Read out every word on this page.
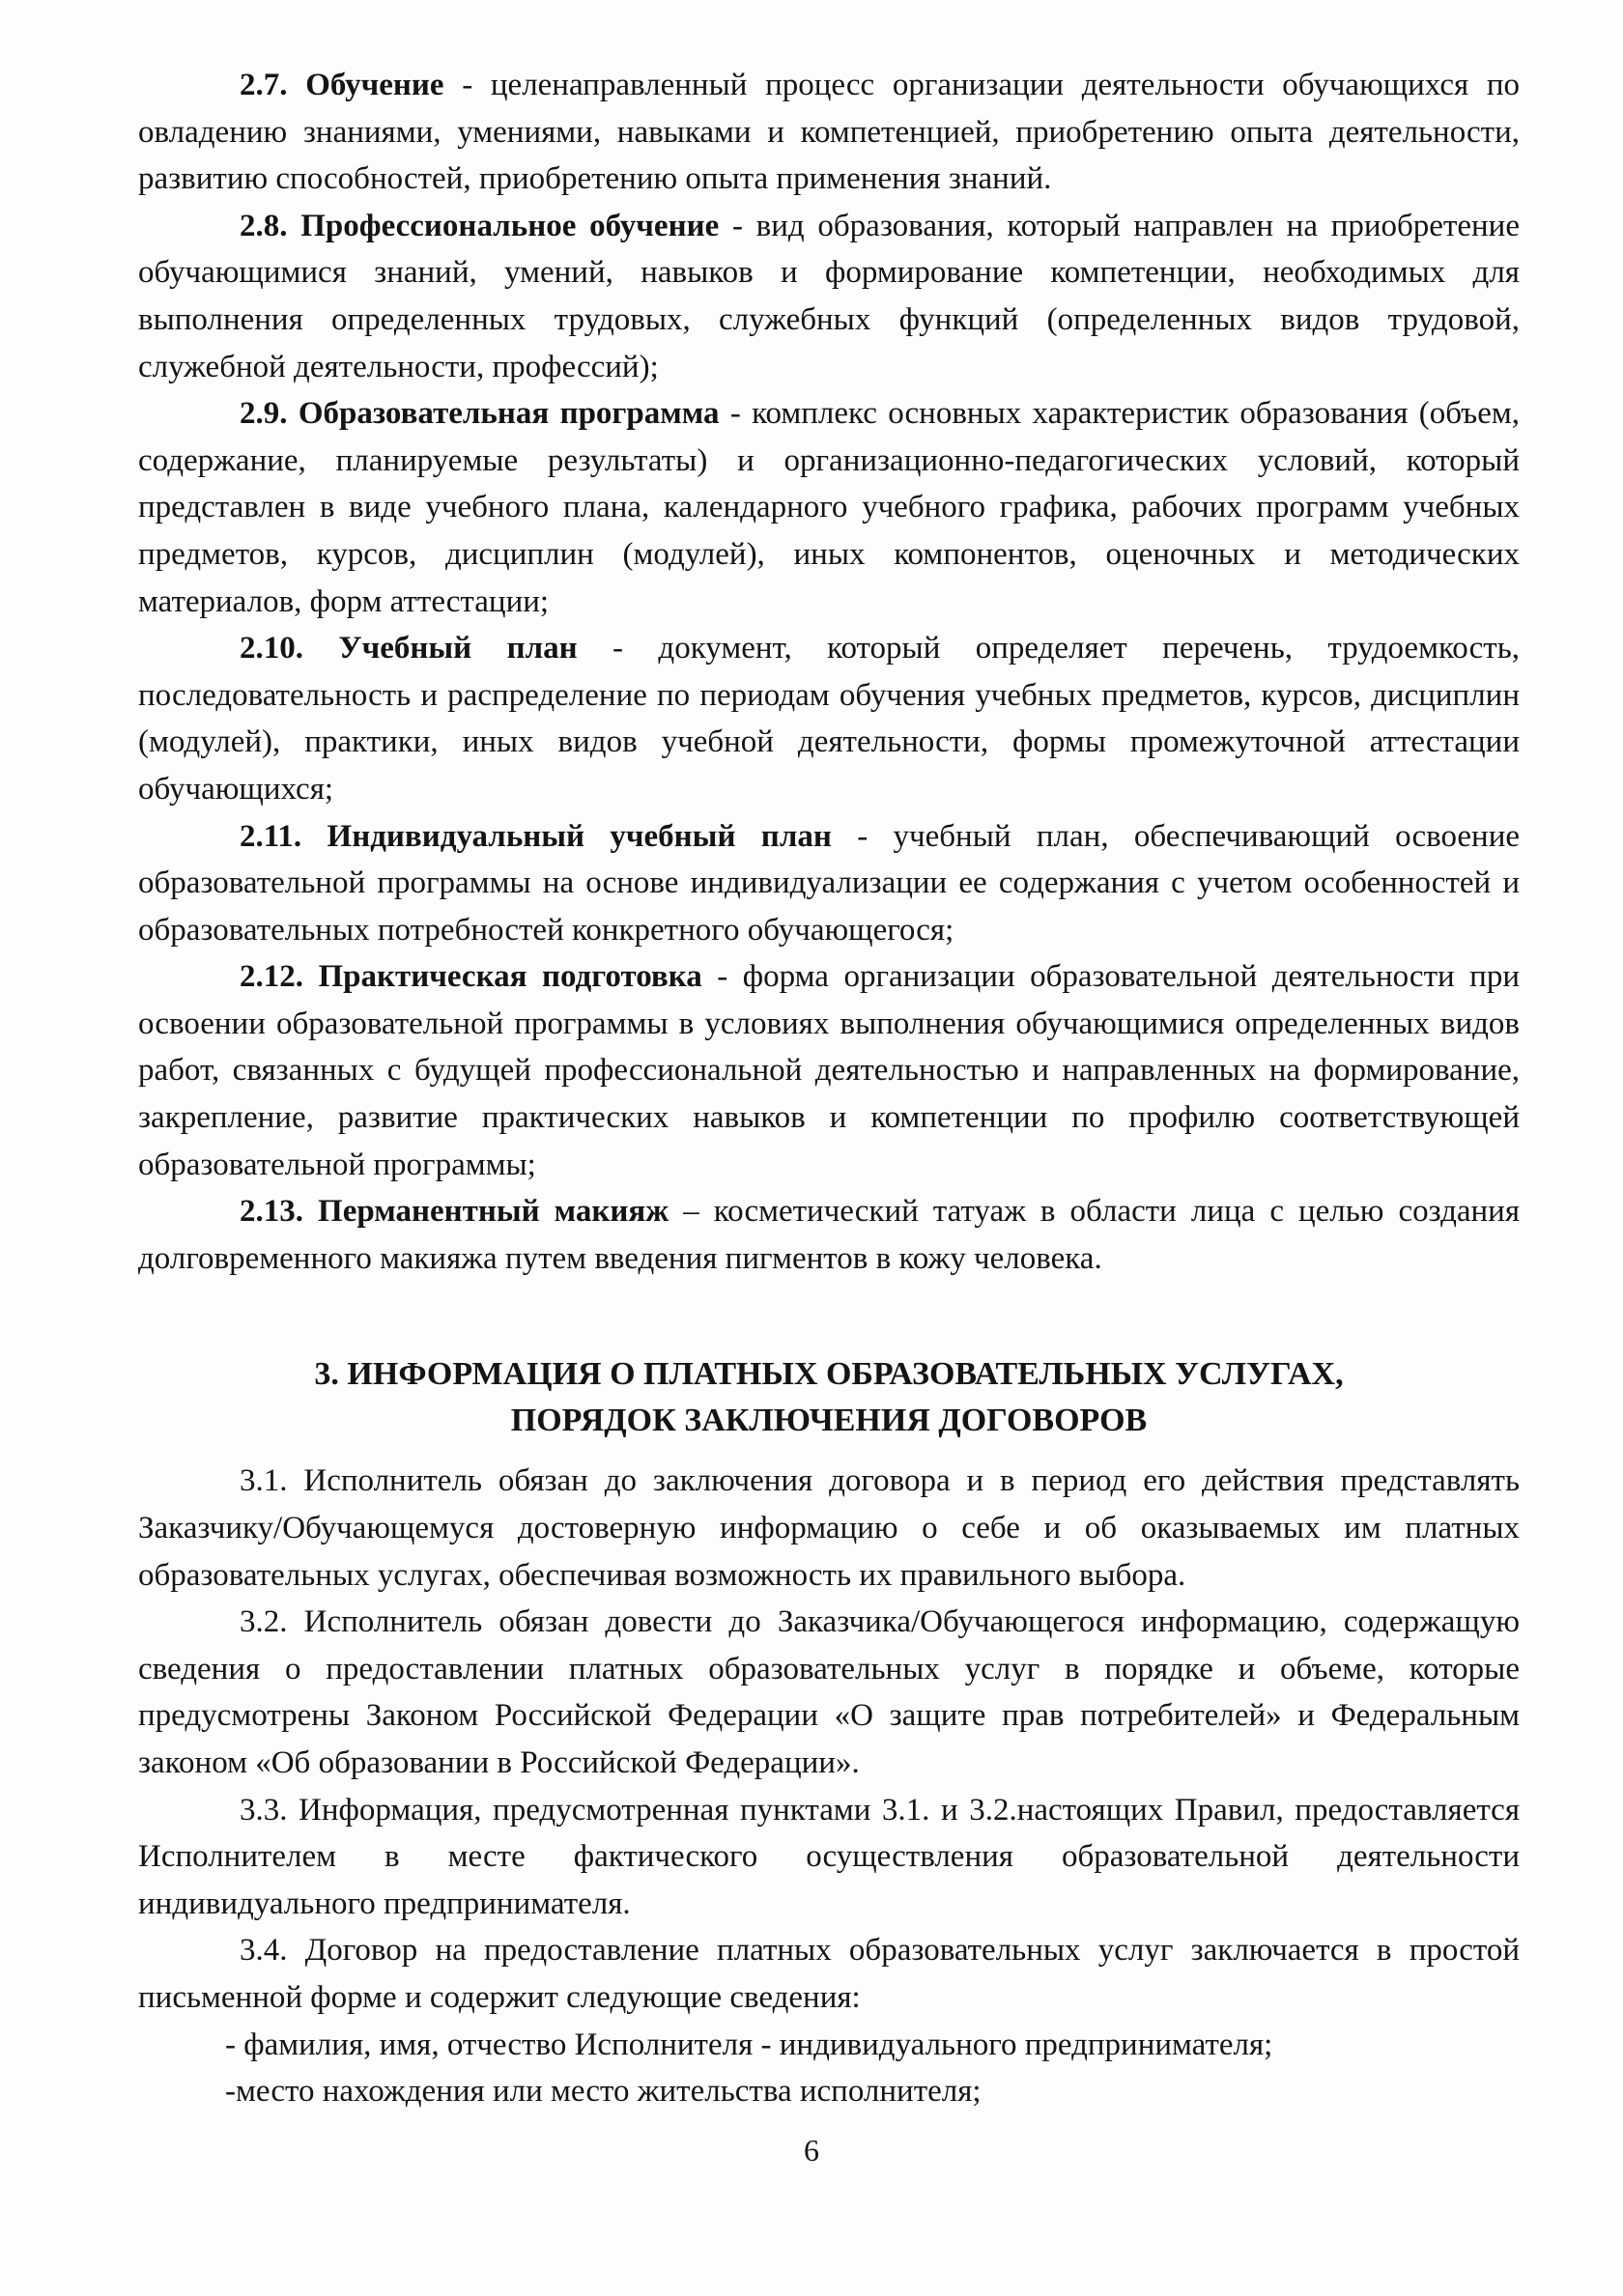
2.7. Обучение - целенаправленный процесс организации деятельности обучающихся по овладению знаниями, умениями, навыками и компетенцией, приобретению опыта деятельности, развитию способностей, приобретению опыта применения знаний.

2.8. Профессиональное обучение - вид образования, который направлен на приобретение обучающимися знаний, умений, навыков и формирование компетенции, необходимых для выполнения определенных трудовых, служебных функций (определенных видов трудовой, служебной деятельности, профессий);

2.9. Образовательная программа - комплекс основных характеристик образования (объем, содержание, планируемые результаты) и организационно-педагогических условий, который представлен в виде учебного плана, календарного учебного графика, рабочих программ учебных предметов, курсов, дисциплин (модулей), иных компонентов, оценочных и методических материалов, форм аттестации;

2.10. Учебный план - документ, который определяет перечень, трудоемкость, последовательность и распределение по периодам обучения учебных предметов, курсов, дисциплин (модулей), практики, иных видов учебной деятельности, формы промежуточной аттестации обучающихся;

2.11. Индивидуальный учебный план - учебный план, обеспечивающий освоение образовательной программы на основе индивидуализации ее содержания с учетом особенностей и образовательных потребностей конкретного обучающегося;

2.12. Практическая подготовка - форма организации образовательной деятельности при освоении образовательной программы в условиях выполнения обучающимися определенных видов работ, связанных с будущей профессиональной деятельностью и направленных на формирование, закрепление, развитие практических навыков и компетенции по профилю соответствующей образовательной программы;

2.13. Перманентный макияж – косметический татуаж в области лица с целью создания долговременного макияжа путем введения пигментов в кожу человека.

3. ИНФОРМАЦИЯ О ПЛАТНЫХ ОБРАЗОВАТЕЛЬНЫХ УСЛУГАХ,
ПОРЯДОК ЗАКЛЮЧЕНИЯ ДОГОВОРОВ

3.1. Исполнитель обязан до заключения договора и в период его действия представлять Заказчику/Обучающемуся достоверную информацию о себе и об оказываемых им платных образовательных услугах, обеспечивая возможность их правильного выбора.

3.2. Исполнитель обязан довести до Заказчика/Обучающегося информацию, содержащую сведения о предоставлении платных образовательных услуг в порядке и объеме, которые предусмотрены Законом Российской Федерации «О защите прав потребителей» и Федеральным законом «Об образовании в Российской Федерации».

3.3. Информация, предусмотренная пунктами 3.1. и 3.2.настоящих Правил, предоставляется Исполнителем в месте фактического осуществления образовательной деятельности индивидуального предпринимателя.

3.4. Договор на предоставление платных образовательных услуг заключается в простой письменной форме и содержит следующие сведения:

- фамилия, имя, отчество Исполнителя - индивидуального предпринимателя;

-место нахождения или место жительства исполнителя;

6
